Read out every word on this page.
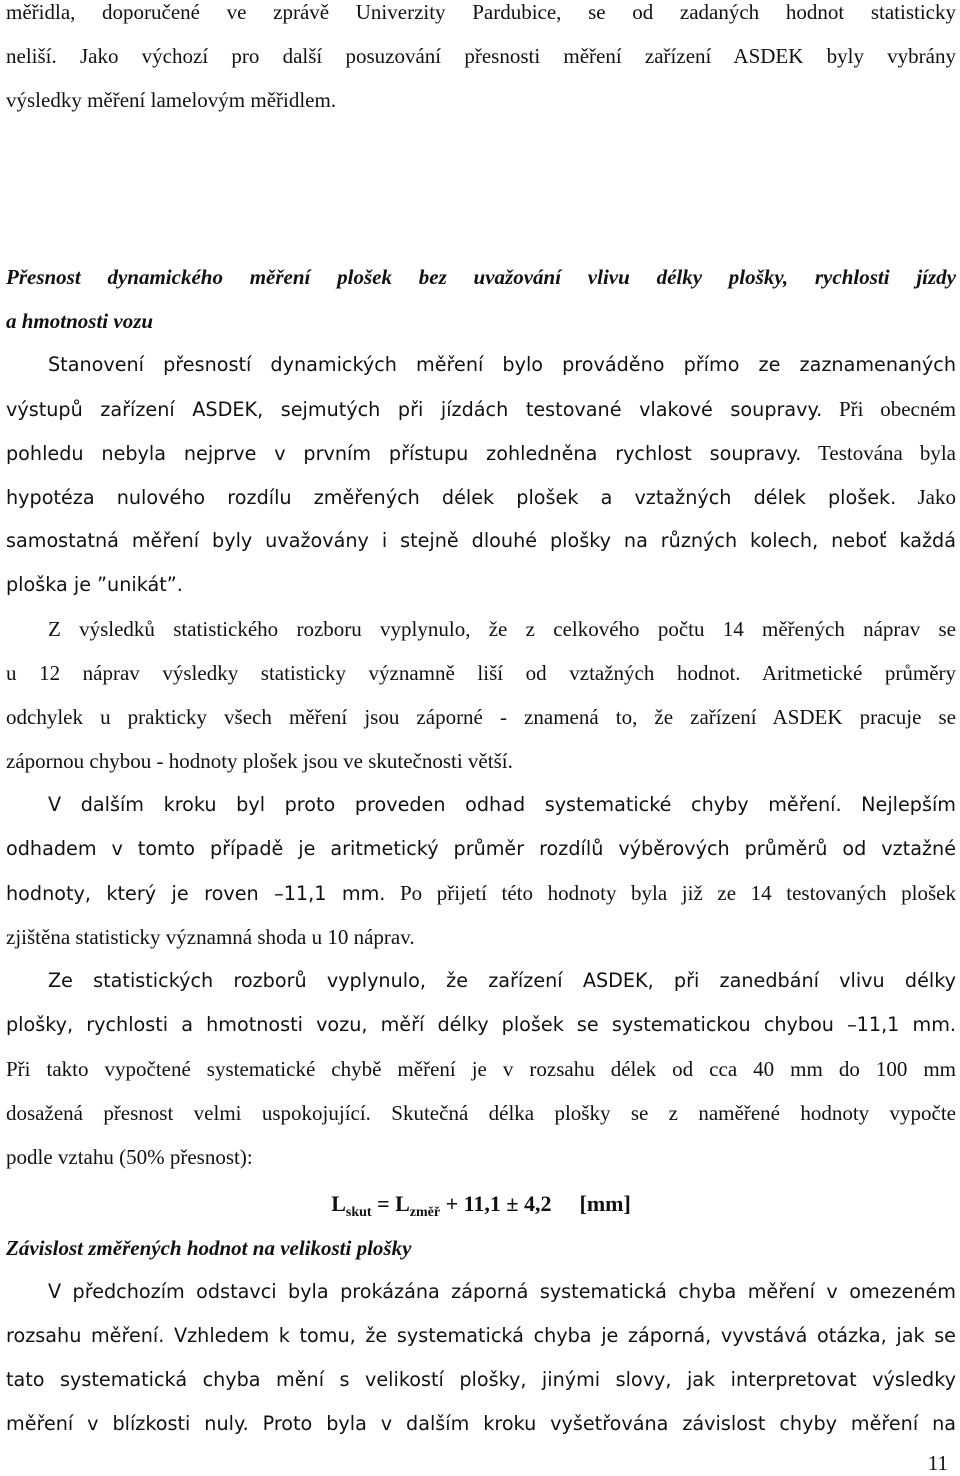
měřidla, doporučené ve zprávě Univerzity Pardubice, se od zadaných hodnot statisticky
neliší. Jako výchozí pro další posuzování přesnosti měření zařízení ASDEK byly vybrány
výsledky měření lamelovým měřidlem.
Přesnost dynamického měření plošek bez uvažování vlivu délky plošky, rychlosti jízdy
a hmotnosti vozu
Stanovení přesností dynamických měření bylo prováděno přímo ze zaznamenaných
výstupů zařízení ASDEK, sejmutých při jízdách testované vlakové soupravy. Při obecném
pohledu nebyla nejprve v prvním přístupu zohledněna rychlost soupravy. Testována byla
hypotéza nulového rozdílu změřených délek plošek a vztažných délek plošek. Jako
samostatná měření byly uvažovány i stejně dlouhé plošky na různých kolech, neboť každá
ploška je ”unikát”.
Z výsledků statistického rozboru vyplynulo, že z celkového počtu 14 měřených náprav se
u 12 náprav výsledky statisticky významně liší od vztažných hodnot. Aritmetické průměry
odchylek u prakticky všech měření jsou záporné - znamená to, že zařízení ASDEK pracuje se
zápornou chybou - hodnoty plošek jsou ve skutečnosti větší.
V dalším kroku byl proto proveden odhad systematické chyby měření. Nejlepším
odhadem v tomto případě je aritmetický průměr rozdílů výběrových průměrů od vztažné
hodnoty, který je roven –11,1 mm. Po přijetí této hodnoty byla již ze 14 testovaných plošek
zjištěna statisticky významná shoda u 10 náprav.
Ze statistických rozborů vyplynulo, že zařízení ASDEK, při zanedbání vlivu délky
plošky, rychlosti a hmotnosti vozu, měří délky plošek se systematickou chybou –11,1 mm.
Při takto vypočtené systematické chybě měření je v rozsahu délek od cca 40 mm do 100 mm
dosažená přesnost velmi uspokojující. Skutečná délka plošky se z naměřené hodnoty vypočte
podle vztahu (50% přesnost):
$L_{skut} = L_{změř} + 11,1 \pm 4,2$ [mm]
Závislost změřených hodnot na velikosti plošky
V předchozím odstavci byla prokázána záporná systematická chyba měření v omezeném
rozsahu měření. Vzhledem k tomu, že systematická chyba je záporná, vyvstává otázka, jak se
tato systematická chyba mění s velikostí plošky, jinými slovy, jak interpretovat výsledky
měření v blízkosti nuly. Proto byla v dalším kroku vyšetřována závislost chyby měření na
11
